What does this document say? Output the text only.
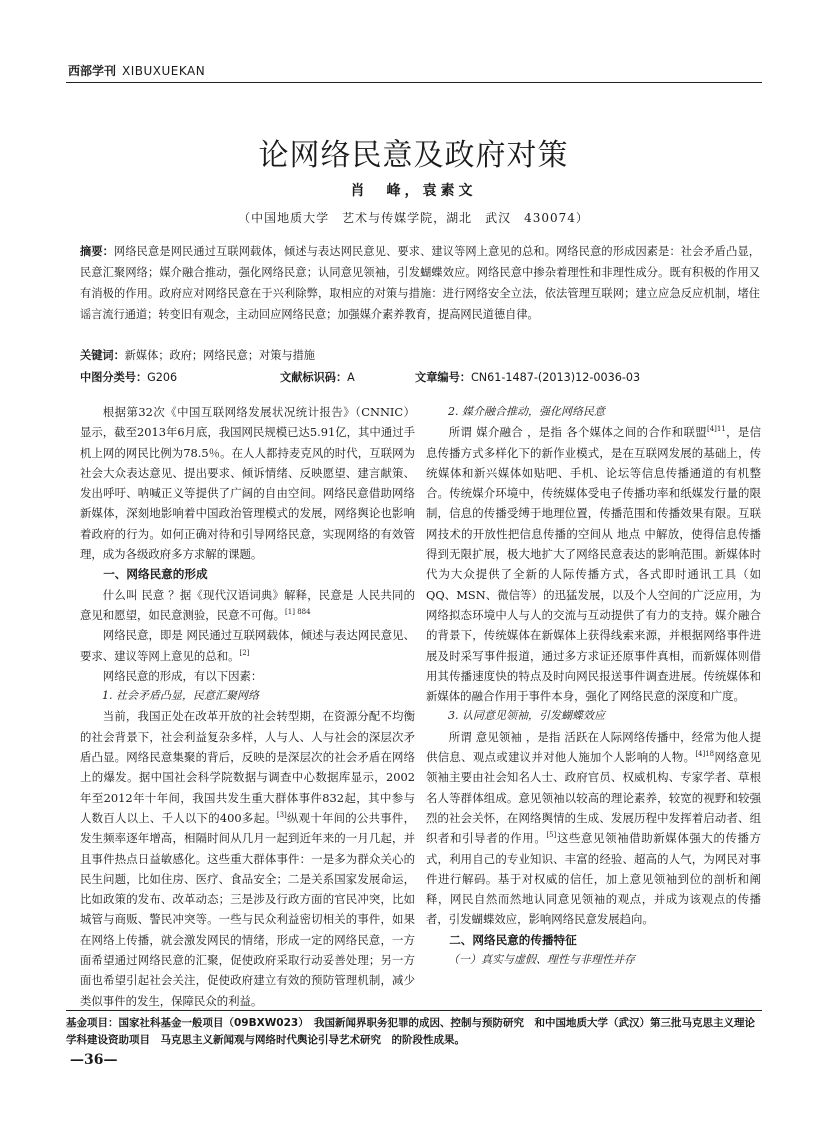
西部学刊 XIBUXUEKAN
论网络民意及政府对策
肖　峰，袁素文
（中国地质大学　艺术与传媒学院，湖北　武汉　430074）
摘要：网络民意是网民通过互联网载体，倾述与表达网民意见、要求、建议等网上意见的总和。网络民意的形成因素是：社会矛盾凸显，民意汇聚网络；媒介融合推动，强化网络民意；认同意见领袖，引发蝴蝶效应。网络民意中掺杂着理性和非理性成分。既有积极的作用又有消极的作用。政府应对网络民意在于兴利除弊，取相应的对策与措施：进行网络安全立法，依法管理互联网；建立应急反应机制，堵住谣言流行通道；转变旧有观念，主动回应网络民意；加强媒介素养教育，提高网民道德自律。
关键词：新媒体；政府；网络民意；对策与措施
中图分类号：G206	文献标识码：A	文章编号：CN61-1487-(2013)12-0036-03

根据第32次《中国互联网络发展状况统计报告》（CNNIC）显示，截至2013年6月底，我国网民规模已达5.91亿，其中通过手机上网的网民比例为78.5％。在人人都持麦克风的时代，互联网为社会大众表达意见、提出要求、倾诉情绪、反映愿望、建言献策、发出呼吁、呐喊正义等提供了广阔的自由空间。网络民意借助网络新媒体，深刻地影响着中国政治管理模式的发展，网络舆论也影响着政府的行为。如何正确对待和引导网络民意，实现网络的有效管理，成为各级政府多方求解的课题。

一、网络民意的形成

什么叫 民意 ？据《现代汉语词典》解释，民意是 人民共同的意见和愿望，如民意测验，民意不可侮。$^{[1] 884}$

网络民意，即是 网民通过互联网载体，倾述与表达网民意见、要求、建议等网上意见的总和。[2]

网络民意的形成，有以下因素：

1. 社会矛盾凸显，民意汇聚网络

当前，我国正处在改革开放的社会转型期，在资源分配不均衡的社会背景下，社会利益复杂多样，人与人、人与社会的深层次矛盾凸显。网络民意集聚的背后，反映的是深层次的社会矛盾在网络上的爆发。据中国社会科学院数据与调查中心数据库显示，2002年至2012年十年间，我国共发生重大群体事件832起，其中参与人数百人以上、千人以下的400多起。[3]纵观十年间的公共事件，发生频率逐年增高，相隔时间从几月一起到近年来的一月几起，并且事件热点日益敏感化。这些重大群体事件：一是多为群众关心的民生问题，比如住房、医疗、食品安全；二是关系国家发展命运，比如政策的发布、改革动态；三是涉及行政方面的官民冲突，比如城管与商贩、警民冲突等。一些与民众利益密切相关的事件，如果在网络上传播，就会激发网民的情绪，形成一定的网络民意，一方面希望通过网络民意的汇聚，促使政府采取行动妥善处理；另一方面也希望引起社会关注，促使政府建立有效的预防管理机制，减少类似事件的发生，保障民众的利益。

2. 媒介融合推动，强化网络民意

所谓 媒介融合 ，是指 各个媒体之间的合作和联盟$^{[4]11}$，是信息传播方式多样化下的新作业模式，是在互联网发展的基础上，传统媒体和新兴媒体如贴吧、手机、论坛等信息传播通道的有机整合。传统媒介环境中，传统媒体受电子传播功率和纸媒发行量的限制，信息的传播受缚于地理位置，传播范围和传播效果有限。互联网技术的开放性把信息传播的空间从 地点 中解放，使得信息传播得到无限扩展，极大地扩大了网络民意表达的影响范围。新媒体时代为大众提供了全新的人际传播方式，各式即时通讯工具（如QQ、MSN、微信等）的迅猛发展，以及个人空间的广泛应用，为网络拟态环境中人与人的交流与互动提供了有力的支持。媒介融合的背景下，传统媒体在新媒体上获得线索来源，并根据网络事件进展及时采写事件报道，通过多方求证还原事件真相，而新媒体则借用其传播速度快的特点及时向网民报送事件调查进展。传统媒体和新媒体的融合作用于事件本身，强化了网络民意的深度和广度。

3. 认同意见领袖，引发蝴蝶效应

所谓 意见领袖 ，是指 活跃在人际网络传播中，经常为他人提供信息、观点或建议并对他人施加个人影响的人物。$^{[4]18}$网络意见领袖主要由社会知名人士、政府官员、权威机构、专家学者、草根名人等群体组成。意见领袖以较高的理论素养，较宽的视野和较强烈的社会关怀，在网络舆情的生成、发展历程中发挥着启动者、组织者和引导者的作用。[5]这些意见领袖借助新媒体强大的传播方式，利用自己的专业知识、丰富的经验、超高的人气，为网民对事件进行解码。基于对权威的信任，加上意见领袖到位的剖析和阐释，网民自然而然地认同意见领袖的观点，并成为该观点的传播者，引发蝴蝶效应，影响网络民意发展趋向。

二、网络民意的传播特征
（一）真实与虚假、理性与非理性并存
基金项目：国家社科基金一般项目（09BXW023）　我国新闻界职务犯罪的成因、控制与预防研究　和中国地质大学（武汉）第三批马克思主义理论学科建设资助项目　马克思主义新闻观与网络时代舆论引导艺术研究　的阶段性成果。
—36—
